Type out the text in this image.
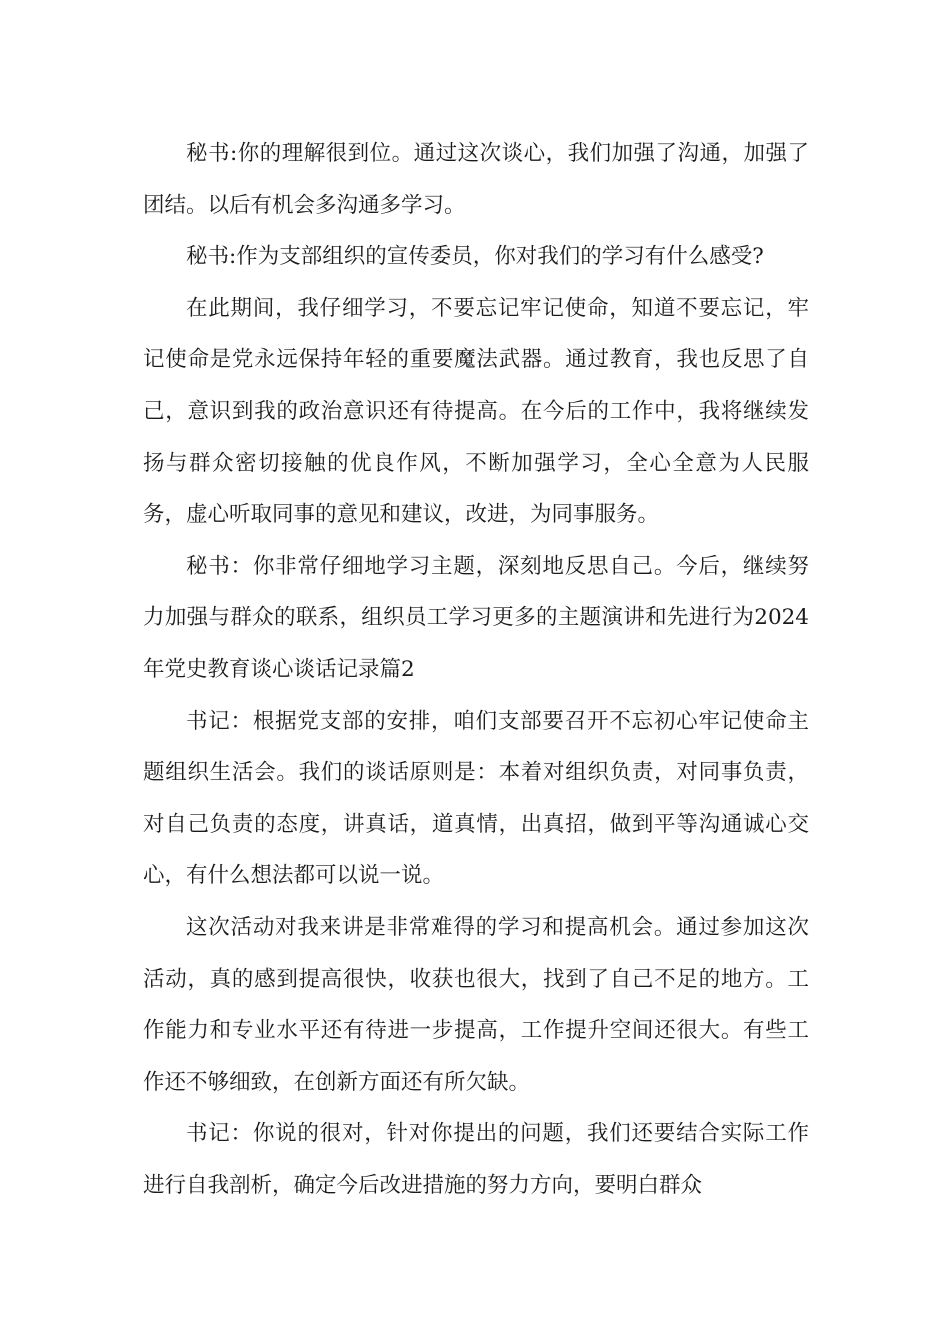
秘书:你的理解很到位。通过这次谈心，我们加强了沟通，加强了团结。以后有机会多沟通多学习。

秘书:作为支部组织的宣传委员，你对我们的学习有什么感受?

在此期间，我仔细学习，不要忘记牢记使命，知道不要忘记，牢记使命是党永远保持年轻的重要魔法武器。通过教育，我也反思了自己，意识到我的政治意识还有待提高。在今后的工作中，我将继续发扬与群众密切接触的优良作风，不断加强学习，全心全意为人民服务，虚心听取同事的意见和建议，改进，为同事服务。

秘书：你非常仔细地学习主题，深刻地反思自己。今后，继续努力加强与群众的联系，组织员工学习更多的主题演讲和先进行为2024年党史教育谈心谈话记录篇2

书记：根据党支部的安排，咱们支部要召开不忘初心牢记使命主题组织生活会。我们的谈话原则是：本着对组织负责，对同事负责，对自己负责的态度，讲真话，道真情，出真招，做到平等沟通诚心交心，有什么想法都可以说一说。

这次活动对我来讲是非常难得的学习和提高机会。通过参加这次活动，真的感到提高很快，收获也很大，找到了自己不足的地方。工作能力和专业水平还有待进一步提高，工作提升空间还很大。有些工作还不够细致，在创新方面还有所欠缺。

书记：你说的很对，针对你提出的问题，我们还要结合实际工作进行自我剖析，确定今后改进措施的努力方向，要明白群众
